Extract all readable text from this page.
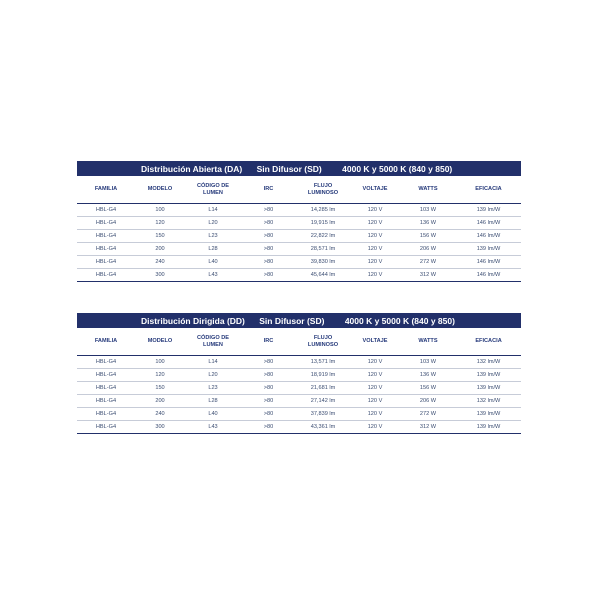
Distribución Abierta (DA) Sin Difusor (SD) 4000 K y 5000 K (840 y 850)							
FAMILIA	MODELO	CÓDIGO DE LUMEN	IRC	FLUJO LUMINOSO	VOLTAJE	WATTS	EFICACIA
HBL-G4	100	L14	>80	14,285 lm	120 V	103 W	139 lm/W
HBL-G4	120	L20	>80	19,915 lm	120 V	136 W	146 lm/W
HBL-G4	150	L23	>80	22,822 lm	120 V	156 W	146 lm/W
HBL-G4	200	L28	>80	28,571 lm	120 V	206 W	139 lm/W
HBL-G4	240	L40	>80	39,830 lm	120 V	272 W	146 lm/W
HBL-G4	300	L43	>80	45,644 lm	120 V	312 W	146 lm/W
Distribución Dirigida (DD) Sin Difusor (SD) 4000 K y 5000 K (840 y 850)							
FAMILIA	MODELO	CÓDIGO DE LUMEN	IRC	FLUJO LUMINOSO	VOLTAJE	WATTS	EFICACIA
HBL-G4	100	L14	>80	13,571 lm	120 V	103 W	132 lm/W
HBL-G4	120	L20	>80	18,919 lm	120 V	136 W	139 lm/W
HBL-G4	150	L23	>80	21,681 lm	120 V	156 W	139 lm/W
HBL-G4	200	L28	>80	27,142 lm	120 V	206 W	132 lm/W
HBL-G4	240	L40	>80	37,839 lm	120 V	272 W	139 lm/W
HBL-G4	300	L43	>80	43,361 lm	120 V	312 W	139 lm/W
